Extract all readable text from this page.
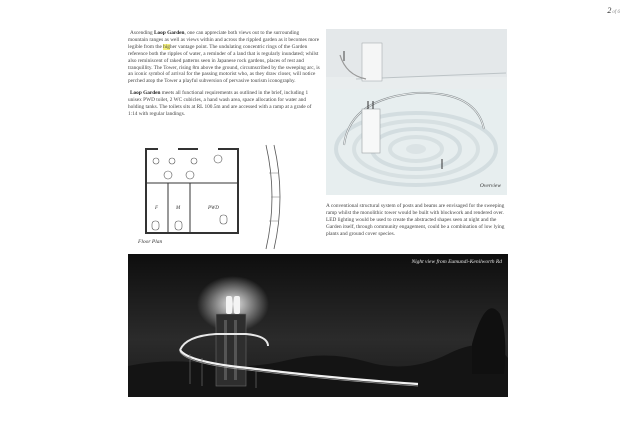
2of 6

Ascending Loop Garden, one can appreciate both views out to the surrounding mountain ranges as well as views within and across the rippled garden as it becomes more legible from the higher vantage point. The undulating concentric rings of the Garden reference both the ripples of water, a reminder of a land that is regularly inundated; whilst also reminiscent of raked patterns seen in Japanese rock gardens, places of rest and tranquillity. The Tower, rising 8m above the ground, circumscribed by the sweeping arc, is an iconic symbol of arrival for the passing motorist who, as they draw closer, will notice perched atop the Tower a playful subversion of pervasive tourism iconography.

Loop Garden meets all functional requirements as outlined in the brief, including 1 unisex PWD toilet, 2 WC cubicles, a hand wash area, space allocation for water and holding tanks. The toilets sits at RL 100.5m and are accessed with a ramp at a grade of 1:14 with regular landings.

F	M	PWD
Floor Plan
Overview
A conventional structural system of posts and beams are envisaged for the sweeping ramp whilst the monolithic tower would be built with blockwork and rendered over. LED lighting would be used to create the abstracted shapes seen at night and the Garden itself, through community engagement, could be a combination of low lying plants and ground cover species.
Night view from Eumundi-Kenilworth Rd
